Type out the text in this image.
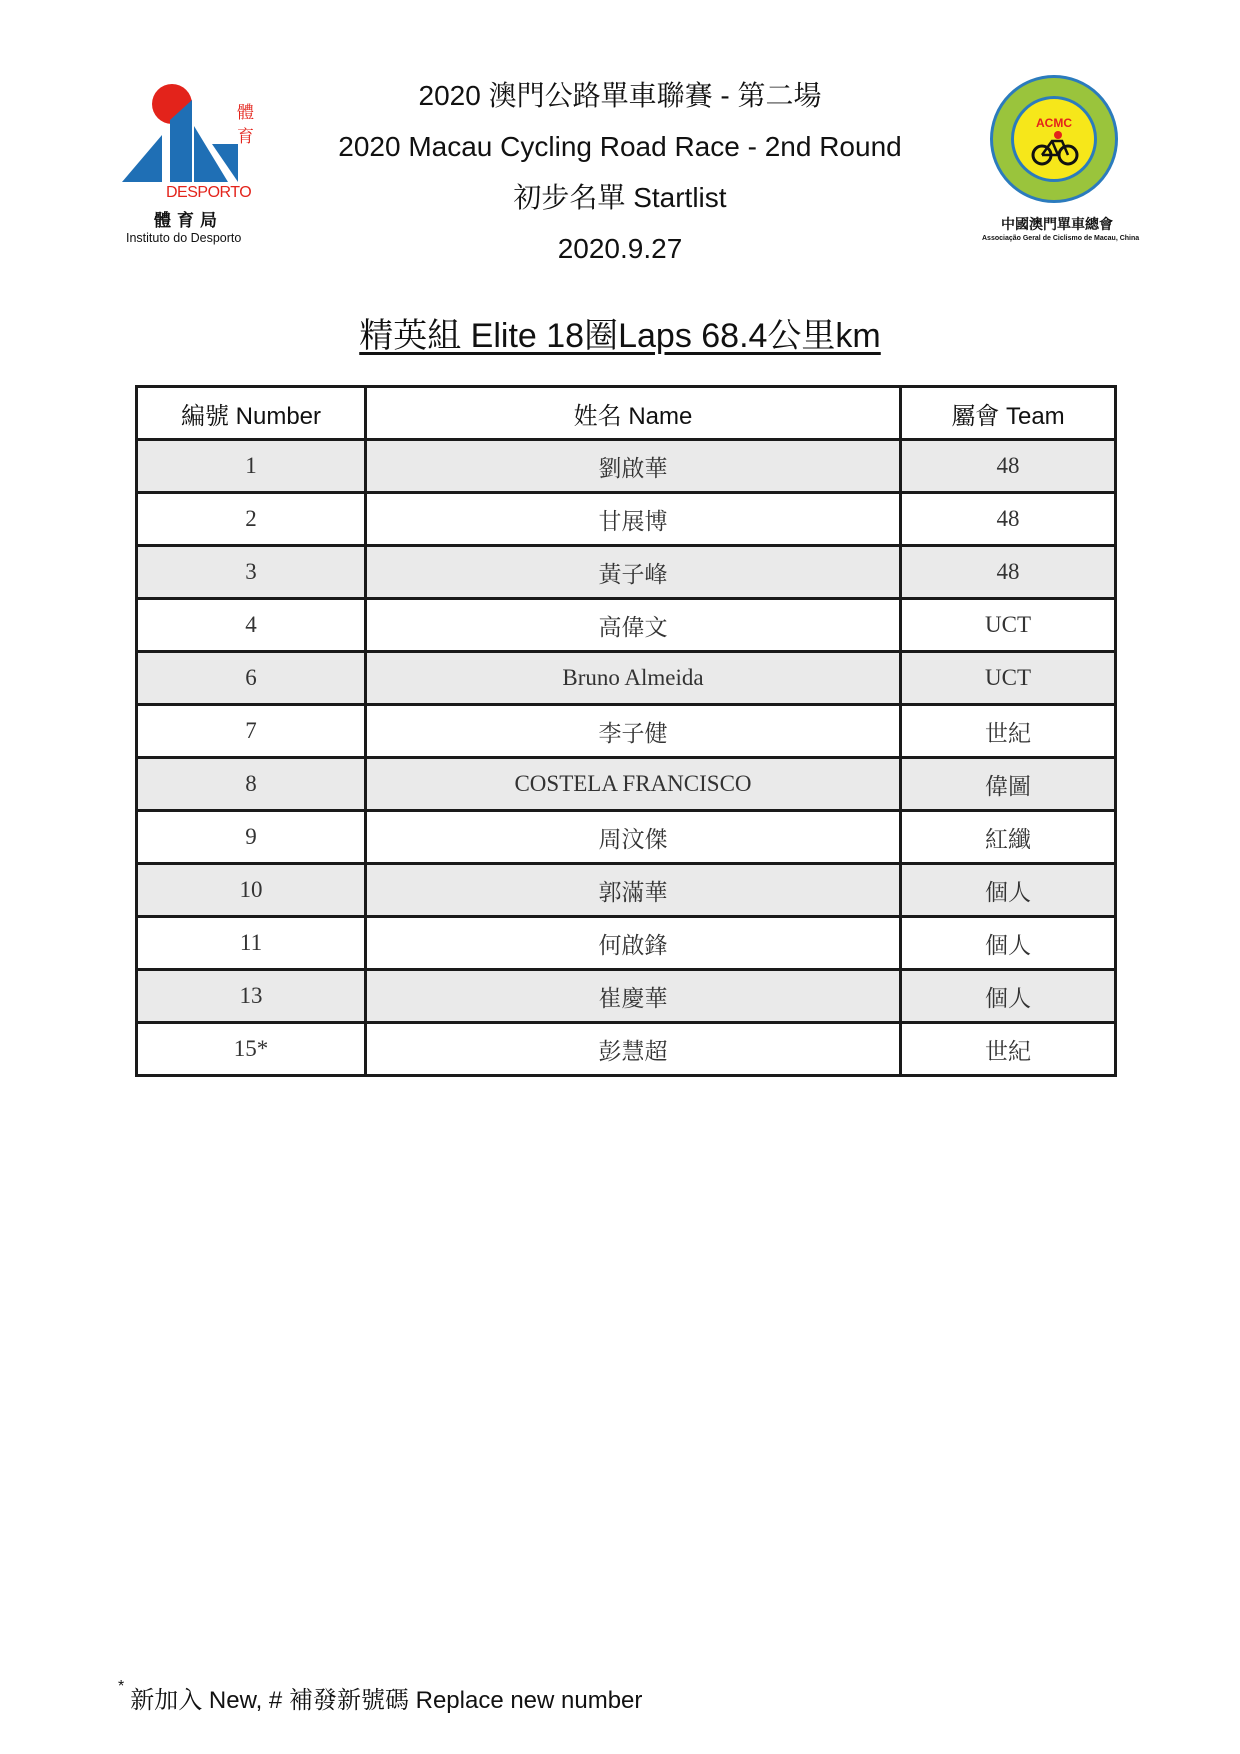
體
育
DESPORTO
體育局
Instituto do Desporto
ACMC
中國澳門單車總會
Associação Geral de Ciclismo de Macau, China
2020 澳門公路單車聯賽 - 第二場
2020 Macau Cycling Road Race - 2nd Round
初步名單 Startlist
2020.9.27
精英組 Elite 18圈Laps 68.4公里km
編號 Number	姓名 Name	屬會 Team
1	劉啟華	48
2	甘展博	48
3	黃子峰	48
4	高偉文	UCT
6	Bruno Almeida	UCT
7	李子健	世紀
8	COSTELA FRANCISCO	偉圖
9	周汶傑	紅纖
10	郭滿華	個人
11	何啟鋒	個人
13	崔慶華	個人
15*	彭慧超	世紀
*新加入 New, # 補發新號碼 Replace new number
